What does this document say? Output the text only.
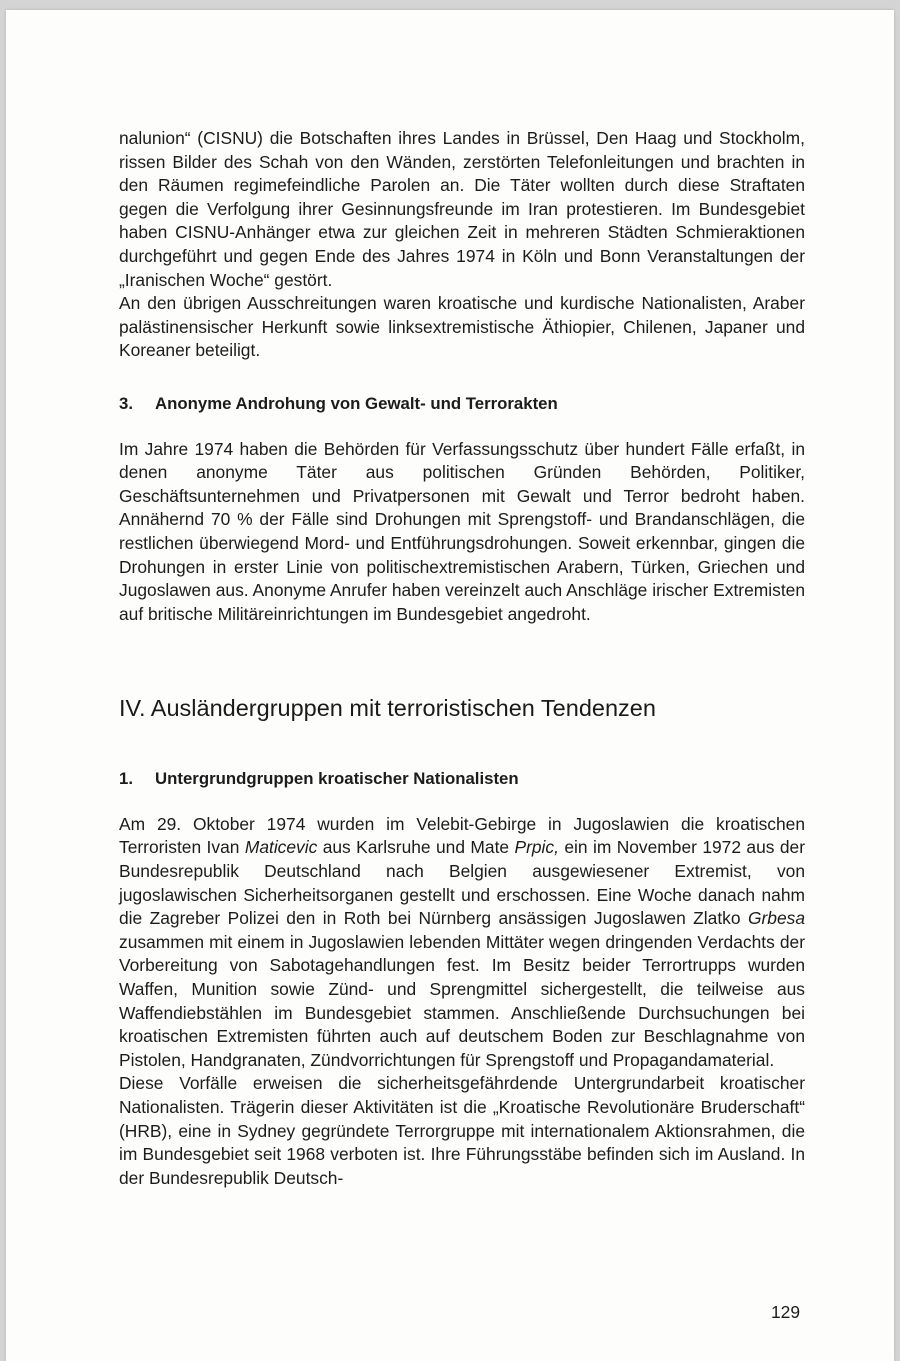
nalunion“ (CISNU) die Botschaften ihres Landes in Brüssel, Den Haag und Stockholm, rissen Bilder des Schah von den Wänden, zerstörten Telefonleitungen und brachten in den Räumen regimefeindliche Parolen an. Die Täter wollten durch diese Straftaten gegen die Verfolgung ihrer Gesinnungsfreunde im Iran protestieren. Im Bundesgebiet haben CISNU-Anhänger etwa zur gleichen Zeit in mehreren Städten Schmieraktionen durchgeführt und gegen Ende des Jahres 1974 in Köln und Bonn Veranstaltungen der „Iranischen Woche“ gestört.

An den übrigen Ausschreitungen waren kroatische und kurdische Nationalisten, Araber palästinensischer Herkunft sowie linksextremistische Äthiopier, Chilenen, Japaner und Koreaner beteiligt.

3. Anonyme Androhung von Gewalt- und Terrorakten

Im Jahre 1974 haben die Behörden für Verfassungsschutz über hundert Fälle erfaßt, in denen anonyme Täter aus politischen Gründen Behörden, Politiker, Geschäftsunternehmen und Privatpersonen mit Gewalt und Terror bedroht haben. Annähernd 70 % der Fälle sind Drohungen mit Sprengstoff- und Brandanschlägen, die restlichen überwiegend Mord- und Entführungsdrohungen. Soweit erkennbar, gingen die Drohungen in erster Linie von politischextremistischen Arabern, Türken, Griechen und Jugoslawen aus. Anonyme Anrufer haben vereinzelt auch Anschläge irischer Extremisten auf britische Militäreinrichtungen im Bundesgebiet angedroht.

IV. Ausländergruppen mit terroristischen Tendenzen
1. Untergrundgruppen kroatischer Nationalisten

Am 29. Oktober 1974 wurden im Velebit-Gebirge in Jugoslawien die kroatischen Terroristen Ivan Maticevic aus Karlsruhe und Mate Prpic, ein im November 1972 aus der Bundesrepublik Deutschland nach Belgien ausgewiesener Extremist, von jugoslawischen Sicherheitsorganen gestellt und erschossen. Eine Woche danach nahm die Zagreber Polizei den in Roth bei Nürnberg ansässigen Jugoslawen Zlatko Grbesa zusammen mit einem in Jugoslawien lebenden Mittäter wegen dringenden Verdachts der Vorbereitung von Sabotagehandlungen fest. Im Besitz beider Terrortrupps wurden Waffen, Munition sowie Zünd- und Sprengmittel sichergestellt, die teilweise aus Waffendiebstählen im Bundesgebiet stammen. Anschließende Durchsuchungen bei kroatischen Extremisten führten auch auf deutschem Boden zur Beschlagnahme von Pistolen, Handgranaten, Zündvorrichtungen für Sprengstoff und Propagandamaterial.

Diese Vorfälle erweisen die sicherheitsgefährdende Untergrundarbeit kroatischer Nationalisten. Trägerin dieser Aktivitäten ist die „Kroatische Revolutionäre Bruderschaft“ (HRB), eine in Sydney gegründete Terrorgruppe mit internationalem Aktionsrahmen, die im Bundesgebiet seit 1968 verboten ist. Ihre Führungsstäbe befinden sich im Ausland. In der Bundesrepublik Deutsch-

129
